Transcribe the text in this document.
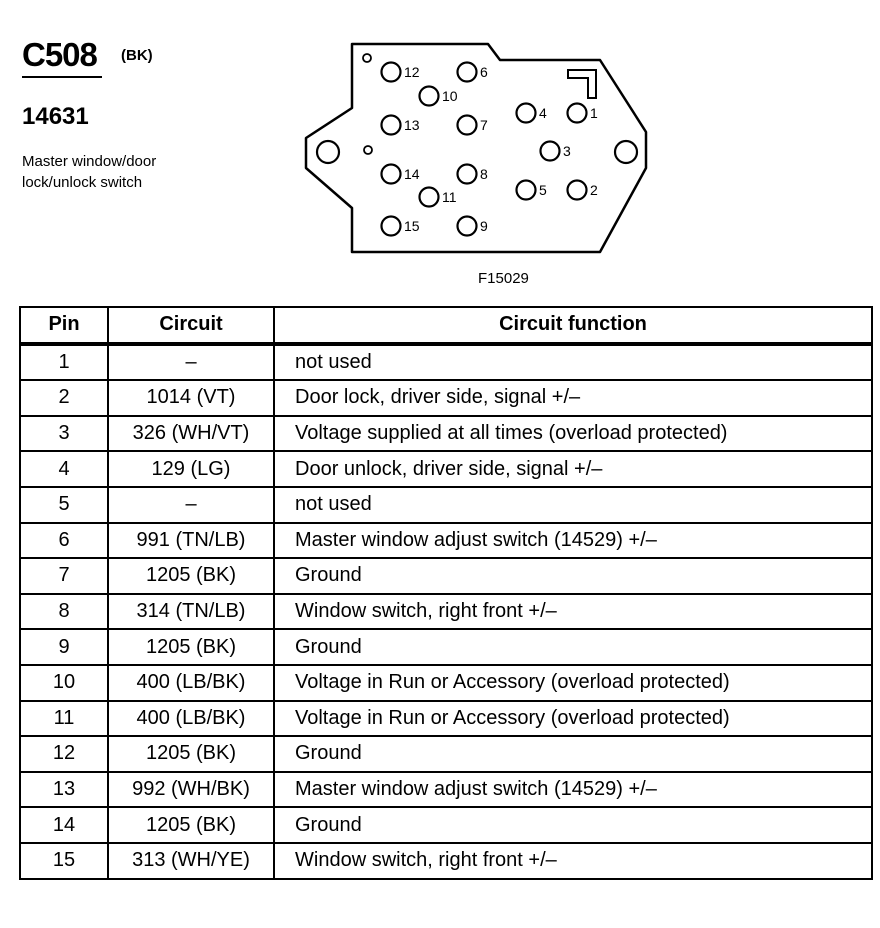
C508 (BK)
14631
Master window/door
lock/unlock switch
1
2
3
4
5
6
7
8
9
10
11
12
13
14
15
F15029
Pin	Circuit	Circuit function
1	–	not used
2	1014 (VT)	Door lock, driver side, signal +/–
3	326 (WH/VT)	Voltage supplied at all times (overload protected)
4	129 (LG)	Door unlock, driver side, signal +/–
5	–	not used
6	991 (TN/LB)	Master window adjust switch (14529) +/–
7	1205 (BK)	Ground
8	314 (TN/LB)	Window switch, right front +/–
9	1205 (BK)	Ground
10	400 (LB/BK)	Voltage in Run or Accessory (overload protected)
11	400 (LB/BK)	Voltage in Run or Accessory (overload protected)
12	1205 (BK)	Ground
13	992 (WH/BK)	Master window adjust switch (14529) +/–
14	1205 (BK)	Ground
15	313 (WH/YE)	Window switch, right front +/–
